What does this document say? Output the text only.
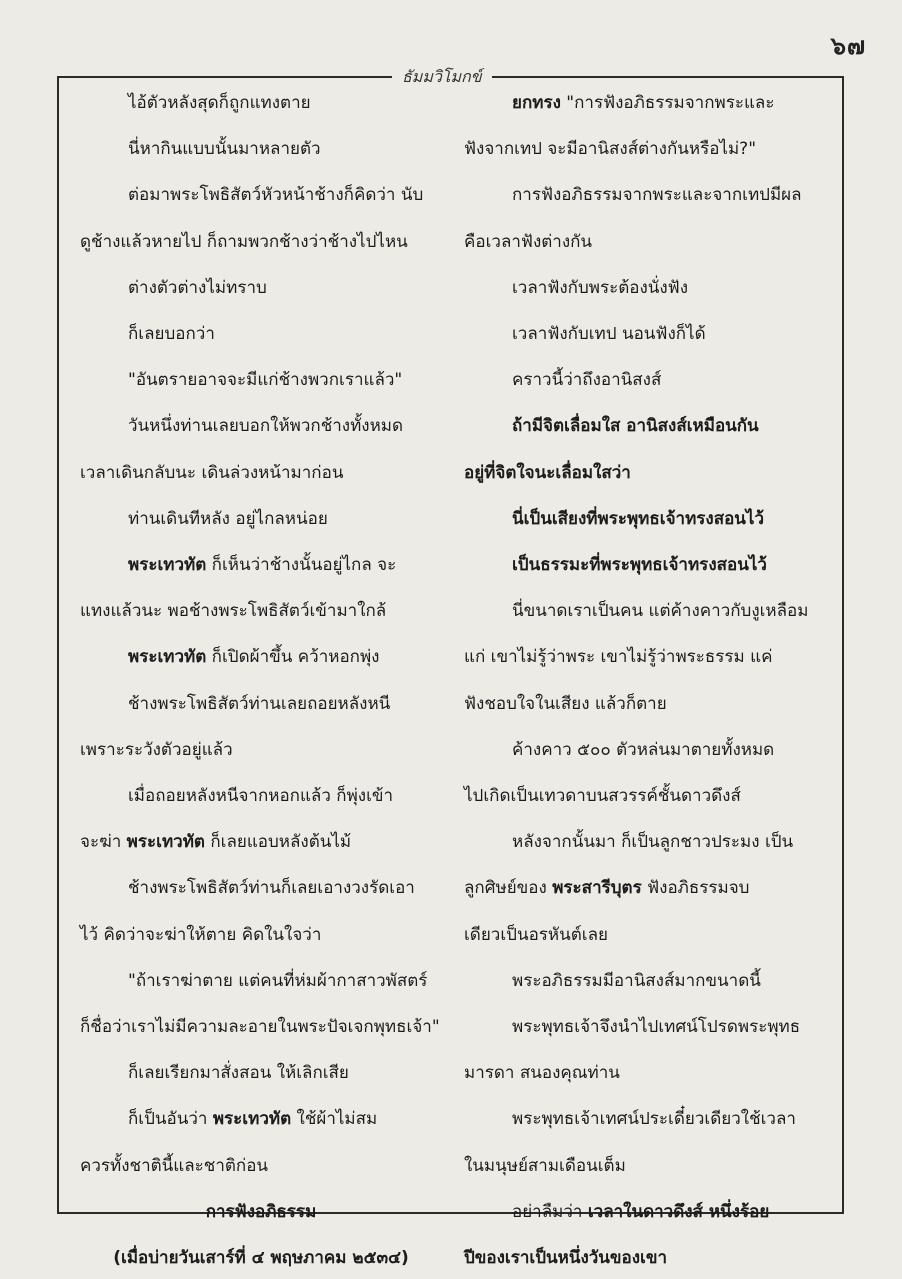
๖๗
ธัมมวิโมกข์
ไอ้ตัวหลังสุดก็ถูกแทงตาย
นี่หากินแบบนั้นมาหลายตัว
ต่อมาพระโพธิสัตว์หัวหน้าช้างก็คิดว่า นับ
ดูช้างแล้วหายไป ก็ถามพวกช้างว่าช้างไปไหน
ต่างตัวต่างไม่ทราบ
ก็เลยบอกว่า
"อันตรายอาจจะมีแก่ช้างพวกเราแล้ว"
วันหนึ่งท่านเลยบอกให้พวกช้างทั้งหมด
เวลาเดินกลับนะ เดินล่วงหน้ามาก่อน
ท่านเดินทีหลัง อยู่ไกลหน่อย
พระเทวทัต ก็เห็นว่าช้างนั้นอยู่ไกล จะ
แทงแล้วนะ พอช้างพระโพธิสัตว์เข้ามาใกล้
พระเทวทัต ก็เปิดผ้าขึ้น คว้าหอกพุ่ง
ช้างพระโพธิสัตว์ท่านเลยถอยหลังหนี
เพราะระวังตัวอยู่แล้ว
เมื่อถอยหลังหนีจากหอกแล้ว ก็พุ่งเข้า
จะฆ่า พระเทวทัต ก็เลยแอบหลังต้นไม้
ช้างพระโพธิสัตว์ท่านก็เลยเอางวงรัดเอา
ไว้ คิดว่าจะฆ่าให้ตาย คิดในใจว่า
"ถ้าเราฆ่าตาย แต่คนที่ห่มผ้ากาสาวพัสตร์
ก็ชื่อว่าเราไม่มีความละอายในพระปัจเจกพุทธเจ้า"
ก็เลยเรียกมาสั่งสอน ให้เลิกเสีย
ก็เป็นอันว่า พระเทวทัต ใช้ผ้าไม่สม
ควรทั้งชาตินี้และชาติก่อน
การฟังอภิธรรม
(เมื่อบ่ายวันเสาร์ที่ ๔ พฤษภาคม ๒๕๓๔)
ยกทรง "การฟังอภิธรรมจากพระและ
ฟังจากเทป จะมีอานิสงส์ต่างกันหรือไม่?"
การฟังอภิธรรมจากพระและจากเทปมีผล
คือเวลาฟังต่างกัน
เวลาฟังกับพระต้องนั่งฟัง
เวลาฟังกับเทป นอนฟังก็ได้
คราวนี้ว่าถึงอานิสงส์
ถ้ามีจิตเลื่อมใส อานิสงส์เหมือนกัน
อยู่ที่จิตใจนะเลื่อมใสว่า
นี่เป็นเสียงที่พระพุทธเจ้าทรงสอนไว้
เป็นธรรมะที่พระพุทธเจ้าทรงสอนไว้
นี่ขนาดเราเป็นคน แต่ค้างคาวกับงูเหลือม
แก่ เขาไม่รู้ว่าพระ เขาไม่รู้ว่าพระธรรม แค่
ฟังชอบใจในเสียง แล้วก็ตาย
ค้างคาว ๕๐๐ ตัวหล่นมาตายทั้งหมด
ไปเกิดเป็นเทวดาบนสวรรค์ชั้นดาวดึงส์
หลังจากนั้นมา ก็เป็นลูกชาวประมง เป็น
ลูกศิษย์ของ พระสารีบุตร ฟังอภิธรรมจบ
เดียวเป็นอรหันต์เลย
พระอภิธรรมมีอานิสงส์มากขนาดนี้
พระพุทธเจ้าจึงนำไปเทศน์โปรดพระพุทธ
มารดา สนองคุณท่าน
พระพุทธเจ้าเทศน์ประเดี๋ยวเดียวใช้เวลา
ในมนุษย์สามเดือนเต็ม
อย่าลืมว่า เวลาในดาวดึงส์ หนึ่งร้อย
ปีของเราเป็นหนึ่งวันของเขา
